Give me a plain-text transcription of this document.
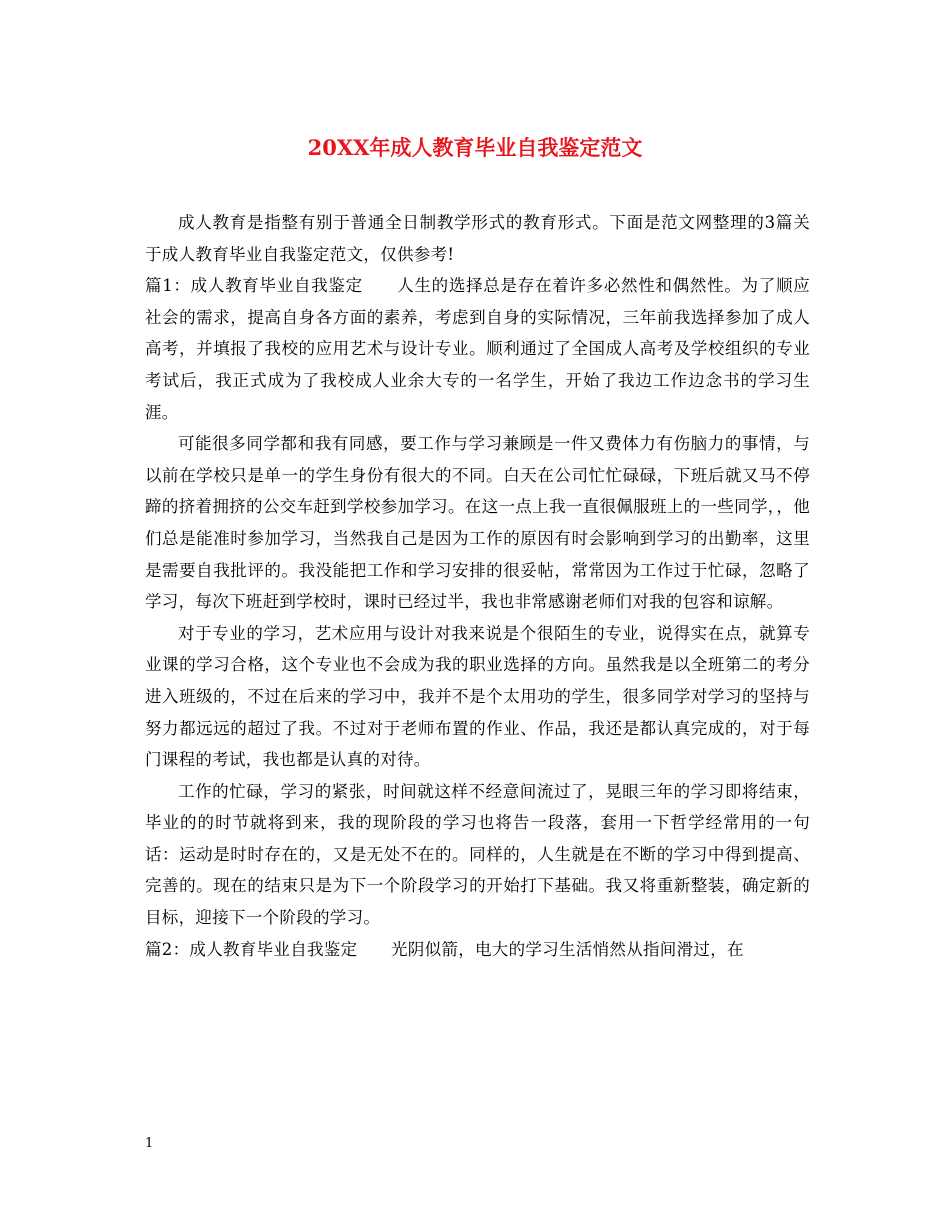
20XX年成人教育毕业自我鉴定范文

成人教育是指整有别于普通全日制教学形式的教育形式。下面是范文网整理的3篇关于成人教育毕业自我鉴定范文，仅供参考!

篇1：成人教育毕业自我鉴定　　人生的选择总是存在着许多必然性和偶然性。为了顺应社会的需求，提高自身各方面的素养，考虑到自身的实际情况，三年前我选择参加了成人高考，并填报了我校的应用艺术与设计专业。顺利通过了全国成人高考及学校组织的专业考试后，我正式成为了我校成人业余大专的一名学生，开始了我边工作边念书的学习生涯。

可能很多同学都和我有同感，要工作与学习兼顾是一件又费体力有伤脑力的事情，与以前在学校只是单一的学生身份有很大的不同。白天在公司忙忙碌碌，下班后就又马不停蹄的挤着拥挤的公交车赶到学校参加学习。在这一点上我一直很佩服班上的一些同学，，他们总是能准时参加学习，当然我自己是因为工作的原因有时会影响到学习的出勤率，这里是需要自我批评的。我没能把工作和学习安排的很妥帖，常常因为工作过于忙碌，忽略了学习，每次下班赶到学校时，课时已经过半，我也非常感谢老师们对我的包容和谅解。

对于专业的学习，艺术应用与设计对我来说是个很陌生的专业，说得实在点，就算专业课的学习合格，这个专业也不会成为我的职业选择的方向。虽然我是以全班第二的考分进入班级的，不过在后来的学习中，我并不是个太用功的学生，很多同学对学习的坚持与努力都远远的超过了我。不过对于老师布置的作业、作品，我还是都认真完成的，对于每门课程的考试，我也都是认真的对待。

工作的忙碌，学习的紧张，时间就这样不经意间流过了，晃眼三年的学习即将结束，毕业的的时节就将到来，我的现阶段的学习也将告一段落，套用一下哲学经常用的一句话：运动是时时存在的，又是无处不在的。同样的，人生就是在不断的学习中得到提高、完善的。现在的结束只是为下一个阶段学习的开始打下基础。我又将重新整装，确定新的目标，迎接下一个阶段的学习。

篇2：成人教育毕业自我鉴定　　光阴似箭，电大的学习生活悄然从指间滑过，在

1
